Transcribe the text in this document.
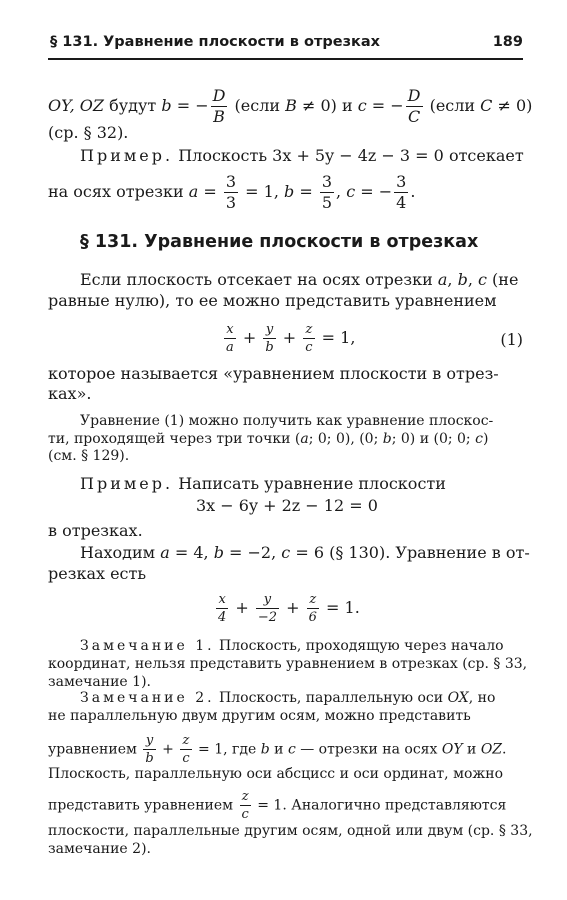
§ 131. Уравнение плоскости в отрезках	189
OY, OZ будут b = − $\frac{D}{B}$ (если B ≠ 0) и c = − $\frac{D}{C}$ (если C ≠ 0)
(ср. § 32).
Пример. Плоскость 3x + 5y − 4z − 3 = 0 отсекает
на осях отрезки $a = \frac{3}{3} = 1$, $b = \frac{3}{5}$ , c = − $\frac{3}{4}$ .
§ 131. Уравнение плоскости в отрезках
Если плоскость отсекает на осях отрезки a, b, c (не
равные нулю), то ее можно представить уравнением
$\frac{x}{a} + \frac{y}{b} + \frac{z}{c} = 1$,	(1)
которое называется «уравнением плоскости в отрез-
ках».
Уравнение (1) можно получить как уравнение плоскос-
ти, проходящей через три точки (a; 0; 0), (0; b; 0) и (0; 0; c)
(см. § 129).
Пример. Написать уравнение плоскости
3x − 6y + 2z − 12 = 0
в отрезках.
Находим a = 4, b = −2, c = 6 (§ 130). Уравнение в от-
резках есть
$\frac{x}{4} + \frac{y}{-2} + \frac{z}{6} = 1$.
Замечание 1. Плоскость, проходящую через начало
координат, нельзя представить уравнением в отрезках (ср. § 33,
замечание 1).
Замечание 2. Плоскость, параллельную оси OX, но
не параллельную двум другим осям, можно представить
уравнением $\frac{y}{b} + \frac{z}{c} = 1$, где b и c — отрезки на осях OY и OZ.
Плоскость, параллельную оси абсцисс и оси ординат, можно
представить уравнением $\frac{z}{c} = 1$. Аналогично представляются
плоскости, параллельные другим осям, одной или двум (ср. § 33,
замечание 2).
